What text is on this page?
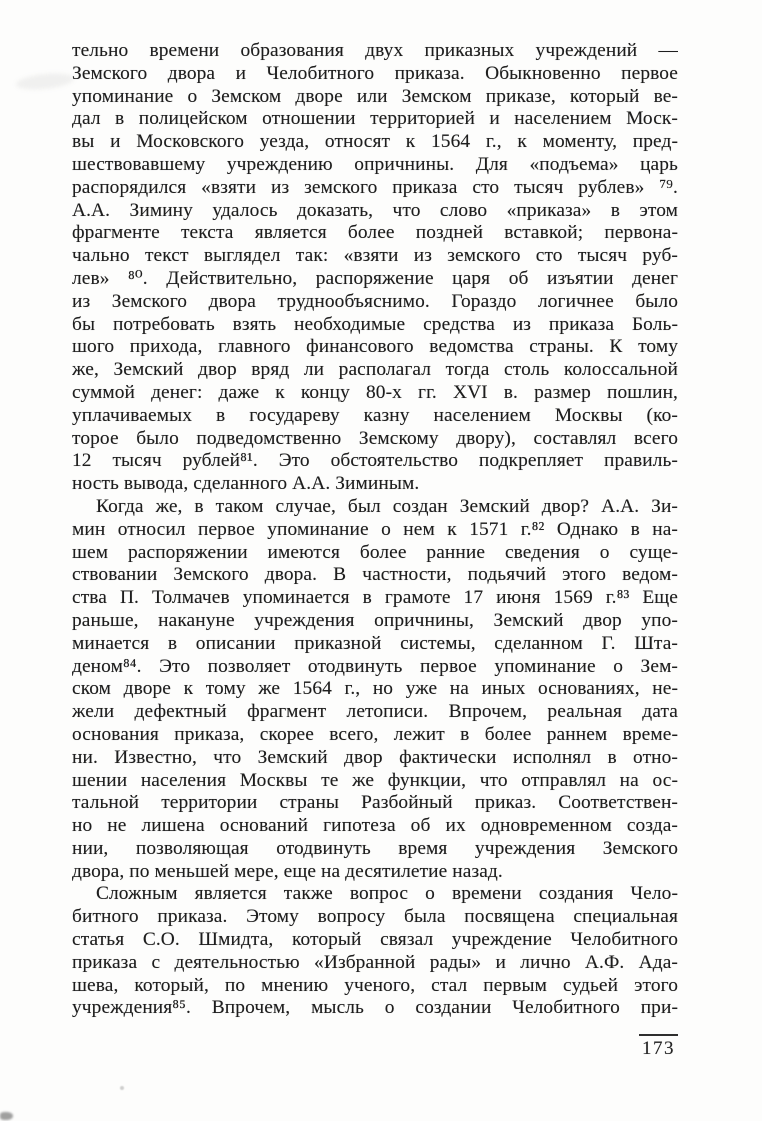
тельно времени образования двух приказных учреждений —
Земского двора и Челобитного приказа. Обыкновенно первое
упоминание о Земском дворе или Земском приказе, который ве-
дал в полицейском отношении территорией и населением Моск-
вы и Московского уезда, относят к 1564 г., к моменту, пред-
шествовавшему учреждению опричнины. Для «подъема» царь
распорядился «взяти из земского приказа сто тысяч рублев» ⁷⁹.
А.А. Зимину удалось доказать, что слово «приказа» в этом
фрагменте текста является более поздней вставкой; первона-
чально текст выглядел так: «взяти из земского сто тысяч руб-
лев» ⁸⁰. Действительно, распоряжение царя об изъятии денег
из Земского двора труднообъяснимо. Гораздо логичнее было
бы потребовать взять необходимые средства из приказа Боль-
шого прихода, главного финансового ведомства страны. К тому
же, Земский двор вряд ли располагал тогда столь колоссальной
суммой денег: даже к концу 80-х гг. XVI в. размер пошлин,
уплачиваемых в государеву казну населением Москвы (ко-
торое было подведомственно Земскому двору), составлял всего
12 тысяч рублей⁸¹. Это обстоятельство подкрепляет правиль-
ность вывода, сделанного А.А. Зиминым.
Когда же, в таком случае, был создан Земский двор? А.А. Зи-
мин относил первое упоминание о нем к 1571 г.⁸² Однако в на-
шем распоряжении имеются более ранние сведения о суще-
ствовании Земского двора. В частности, подьячий этого ведом-
ства П. Толмачев упоминается в грамоте 17 июня 1569 г.⁸³ Еще
раньше, накануне учреждения опричнины, Земский двор упо-
минается в описании приказной системы, сделанном Г. Шта-
деном⁸⁴. Это позволяет отодвинуть первое упоминание о Зем-
ском дворе к тому же 1564 г., но уже на иных основаниях, не-
жели дефектный фрагмент летописи. Впрочем, реальная дата
основания приказа, скорее всего, лежит в более раннем време-
ни. Известно, что Земский двор фактически исполнял в отно-
шении населения Москвы те же функции, что отправлял на ос-
тальной территории страны Разбойный приказ. Соответствен-
но не лишена оснований гипотеза об их одновременном созда-
нии, позволяющая отодвинуть время учреждения Земского
двора, по меньшей мере, еще на десятилетие назад.
Сложным является также вопрос о времени создания Чело-
битного приказа. Этому вопросу была посвящена специальная
статья С.О. Шмидта, который связал учреждение Челобитного
приказа с деятельностью «Избранной рады» и лично А.Ф. Ада-
шева, который, по мнению ученого, стал первым судьей этого
учреждения⁸⁵. Впрочем, мысль о создании Челобитного при-
173
